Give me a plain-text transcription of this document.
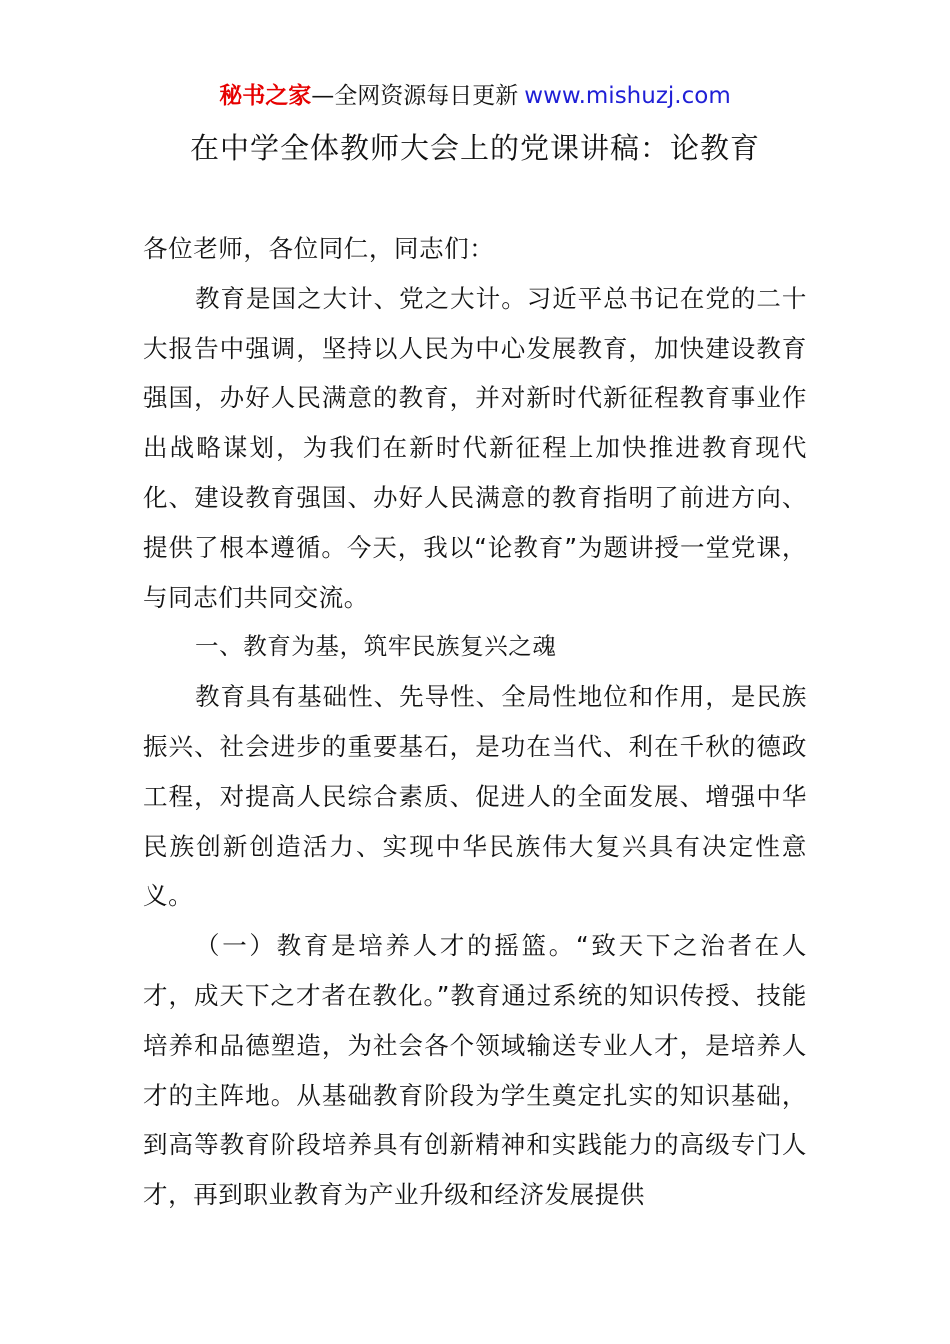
秘书之家—全网资源每日更新 www.mishuzj.com
在中学全体教师大会上的党课讲稿：论教育

各位老师，各位同仁，同志们：

教育是国之大计、党之大计。习近平总书记在党的二十大报告中强调，坚持以人民为中心发展教育，加快建设教育强国，办好人民满意的教育，并对新时代新征程教育事业作出战略谋划，为我们在新时代新征程上加快推进教育现代化、建设教育强国、办好人民满意的教育指明了前进方向、提供了根本遵循。今天，我以“论教育”为题讲授一堂党课，与同志们共同交流。

一、教育为基，筑牢民族复兴之魂

教育具有基础性、先导性、全局性地位和作用，是民族振兴、社会进步的重要基石，是功在当代、利在千秋的德政工程，对提高人民综合素质、促进人的全面发展、增强中华民族创新创造活力、实现中华民族伟大复兴具有决定性意义。

（一）教育是培养人才的摇篮。“致天下之治者在人才，成天下之才者在教化。”教育通过系统的知识传授、技能培养和品德塑造，为社会各个领域输送专业人才，是培养人才的主阵地。从基础教育阶段为学生奠定扎实的知识基础，到高等教育阶段培养具有创新精神和实践能力的高级专门人才，再到职业教育为产业升级和经济发展提供
